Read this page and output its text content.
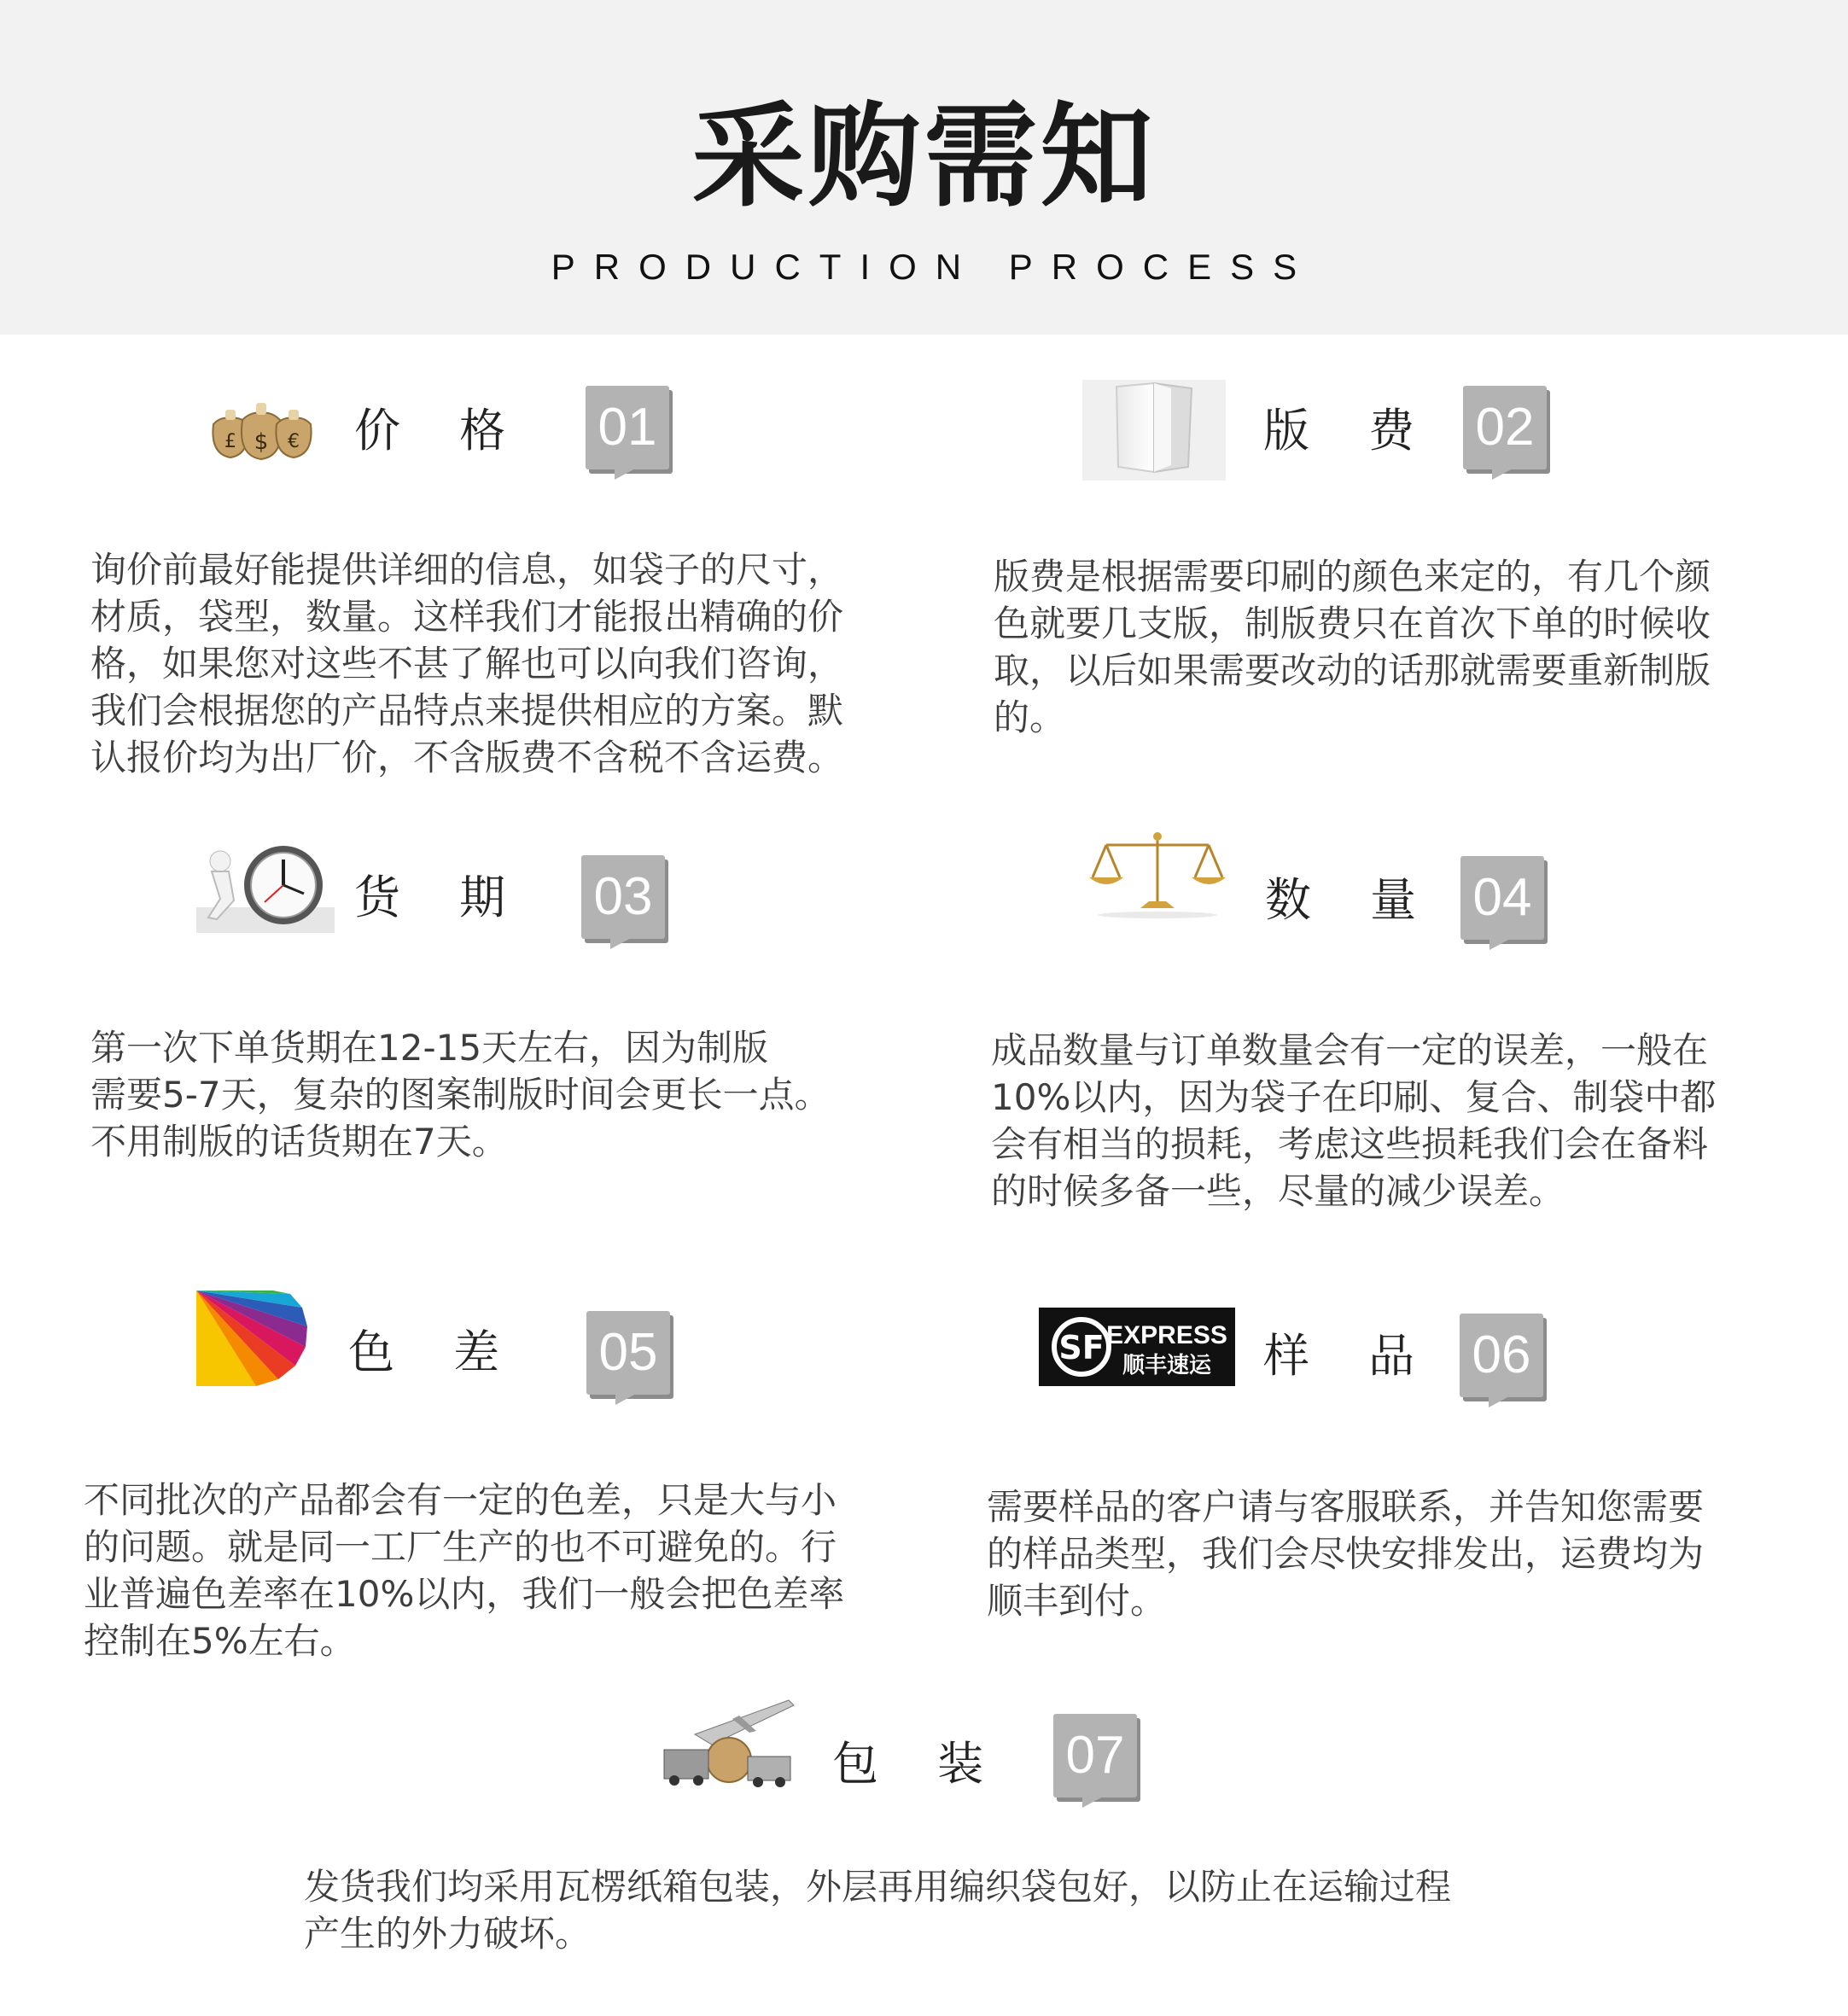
采购需知
PRODUCTION PROCESS
£ $ € 价 格 01
询价前最好能提供详细的信息，如袋子的尺寸，
材质，袋型，数量。这样我们才能报出精确的价
格，如果您对这些不甚了解也可以向我们咨询，
我们会根据您的产品特点来提供相应的方案。默
认报价均为出厂价，不含版费不含税不含运费。
版 费 02
版费是根据需要印刷的颜色来定的，有几个颜
色就要几支版，制版费只在首次下单的时候收
取，以后如果需要改动的话那就需要重新制版
的。
货 期 03
第一次下单货期在12-15天左右，因为制版
需要5-7天，复杂的图案制版时间会更长一点。
不用制版的话货期在7天。
数 量 04
成品数量与订单数量会有一定的误差，一般在
10%以内，因为袋子在印刷、复合、制袋中都
会有相当的损耗，考虑这些损耗我们会在备料
的时候多备一些，尽量的减少误差。
色 差 05
不同批次的产品都会有一定的色差，只是大与小
的问题。就是同一工厂生产的也不可避免的。行
业普遍色差率在10%以内，我们一般会把色差率
控制在5%左右。
SF EXPRESS
顺丰速运 样 品 06
需要样品的客户请与客服联系，并告知您需要
的样品类型，我们会尽快安排发出，运费均为
顺丰到付。
包 装 07
发货我们均采用瓦楞纸箱包装，外层再用编织袋包好，以防止在运输过程
产生的外力破坏。
